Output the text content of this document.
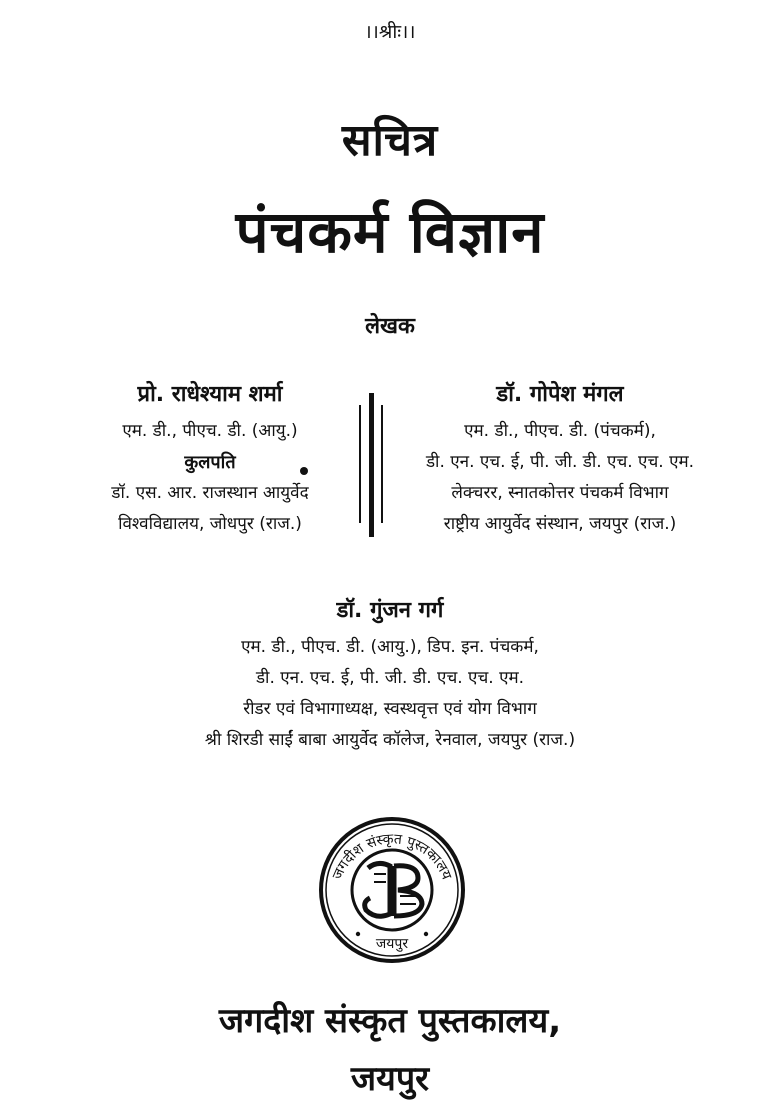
।।श्रीः।।
सचित्र
पंचकर्म विज्ञान
लेखक
प्रो. राधेश्याम शर्मा
एम. डी., पीएच. डी. (आयु.)
कुलपति
डॉ. एस. आर. राजस्थान आयुर्वेद
विश्वविद्यालय, जोधपुर (राज.)
डॉ. गोपेश मंगल
एम. डी., पीएच. डी. (पंचकर्म),
डी. एन. एच. ई, पी. जी. डी. एच. एच. एम.
लेक्चरर, स्नातकोत्तर पंचकर्म विभाग
राष्ट्रीय आयुर्वेद संस्थान, जयपुर (राज.)
डॉ. गुंजन गर्ग
एम. डी., पीएच. डी. (आयु.), डिप. इन. पंचकर्म,
डी. एन. एच. ई, पी. जी. डी. एच. एच. एम.
रीडर एवं विभागाध्यक्ष, स्वस्थवृत्त एवं योग विभाग
श्री शिरडी साईं बाबा आयुर्वेद कॉलेज, रेनवाल, जयपुर (राज.)
जगदीश संस्कृत पुस्तकालय
जयपुर
जगदीश संस्कृत पुस्तकालय,
जयपुर
